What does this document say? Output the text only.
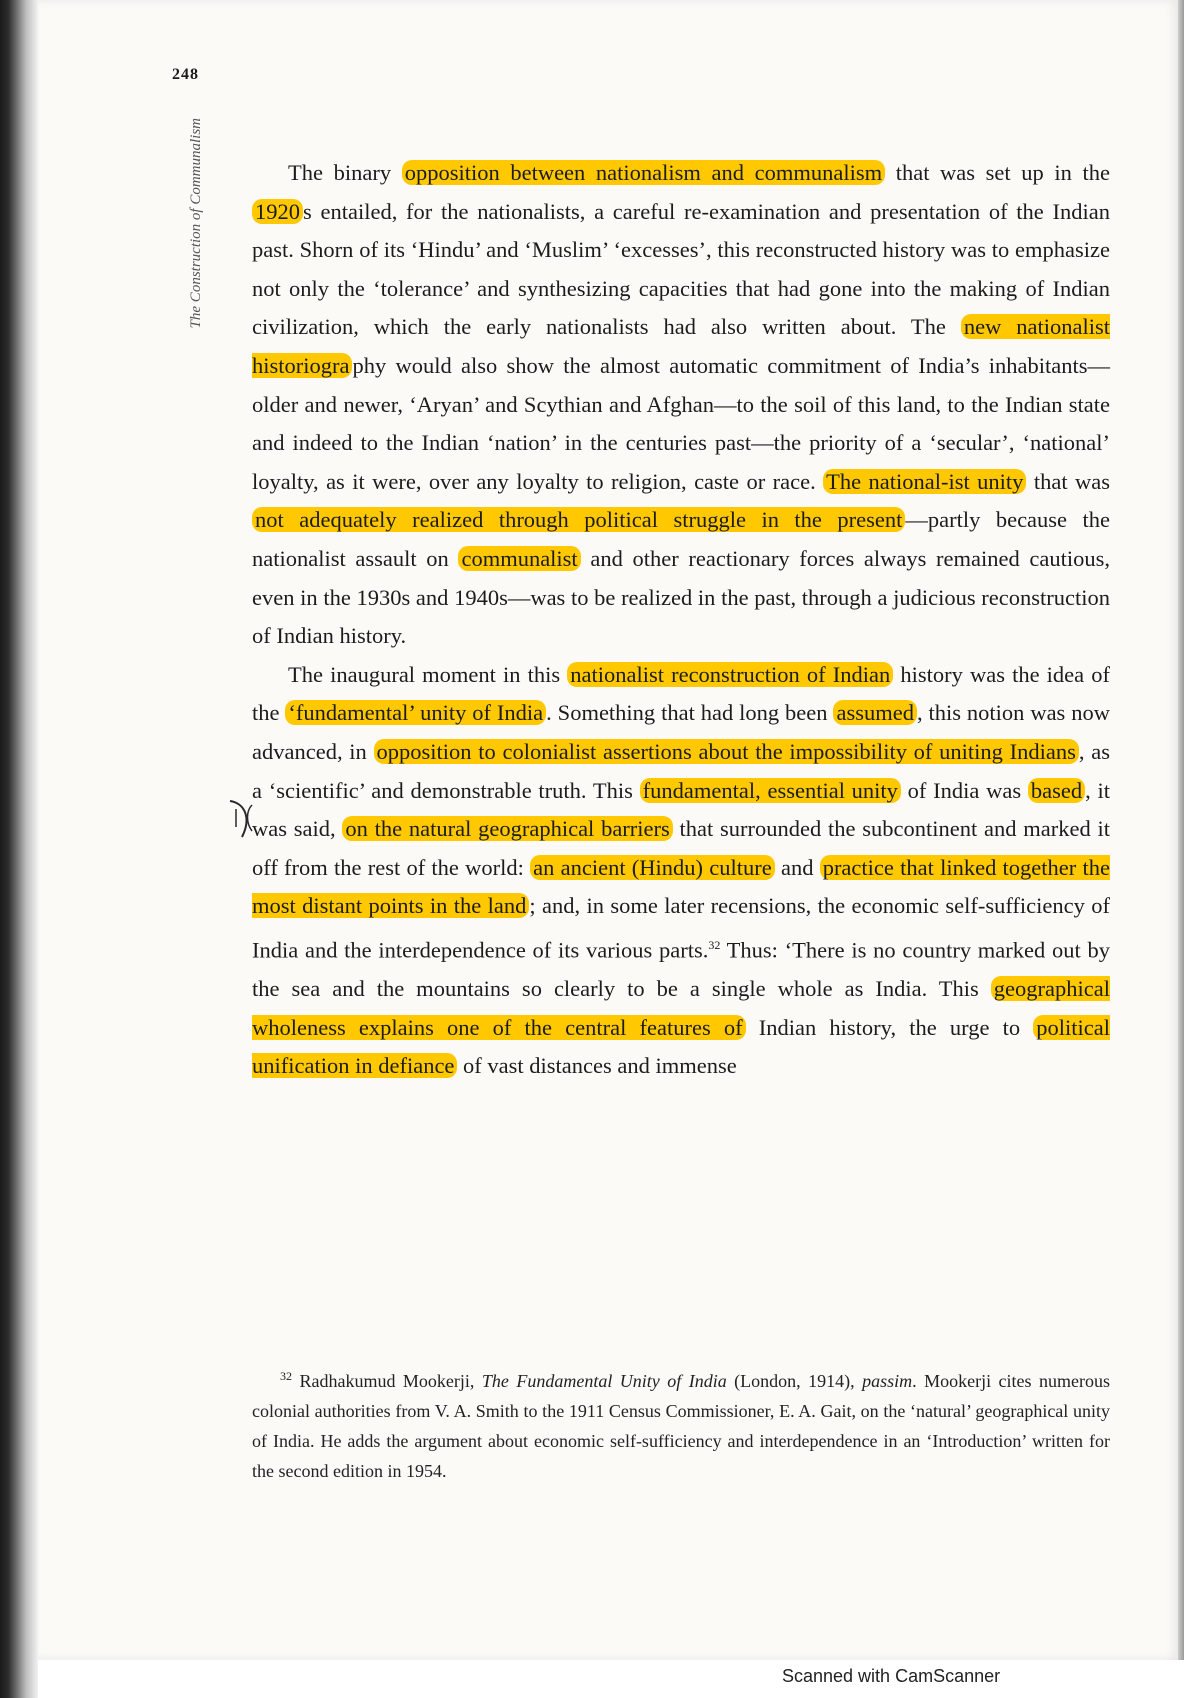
248
The Construction of Communalism	The binary opposition between nationalism and communalism that was set up in the 1920 s entailed, for the nationalists, a careful re-examination and presentation of the Indian past. Shorn of its ‘Hindu’ and ‘Muslim’ ‘excesses’, this reconstructed history was to emphasize not only the ‘tolerance’ and synthesizing capacities that had gone into the making of Indian civilization, which the early nationalists had also written about. The new nationalist historiogra phy would also show the almost automatic commitment of India’s inhabitants—older and newer, ‘Aryan’ and Scythian and Afghan—to the soil of this land, to the Indian state and indeed to the Indian ‘nation’ in the centuries past—the priority of a ‘secular’, ‘national’ loyalty, as it were, over any loyalty to religion, caste or race. The national-ist unity that was not adequately realized through political struggle in the present —partly because the nationalist assault on communalist and other reactionary forces always remained cautious, even in the 1930s and 1940s—was to be realized in the past, through a judicious reconstruction of Indian history.

The inaugural moment in this nationalist reconstruction of Indian history was the idea of the ‘fundamental’ unity of India . Something that had long been assumed , this notion was now advanced, in opposition to colonialist assertions about the impossibility of uniting Indians , as a ‘scientific’ and demonstrable truth. This fundamental, essential unity of India was based , it was said, on the natural geographical barriers that surrounded the subcontinent and marked it off from the rest of the world: an ancient (Hindu) culture and practice that linked together the most distant points in the land ; and, in some later recensions, the economic self-sufficiency of India and the interdependence of its various parts.$^{32}$ Thus: ‘There is no country marked out by the sea and the mountains so clearly to be a single whole as India. This geographical wholeness explains one of the central features of Indian history, the urge to political unification in defiance of vast distances and immense

$^{32}$ Radhakumud Mookerji, The Fundamental Unity of India (London, 1914), passim. Mookerji cites numerous colonial authorities from V. A. Smith to the 1911 Census Commissioner, E. A. Gait, on the ‘natural’ geographical unity of India. He adds the argument about economic self-sufficiency and interdependence in an ‘Introduction’ written for the second edition in 1954.
Scanned with CamScanner
